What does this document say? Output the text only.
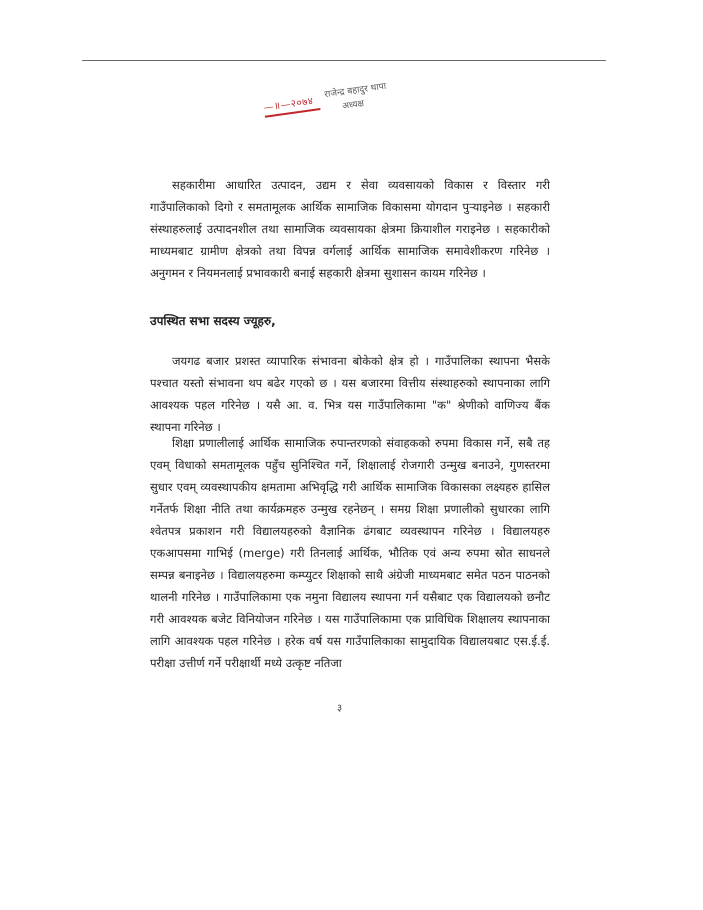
—॥—२०७४
राजेन्द्र बहादुर थापा
अध्यक्ष

सहकारीमा आधारित उत्पादन, उद्यम र सेवा व्यवसायको विकास र विस्तार गरी गाउँपालिकाको दिगो र समतामूलक आर्थिक सामाजिक विकासमा योगदान पुऱ्याइनेछ । सहकारी संस्थाहरुलाई उत्पादनशील तथा सामाजिक व्यवसायका क्षेत्रमा क्रियाशील गराइनेछ । सहकारीको माध्यमबाट ग्रामीण क्षेत्रको तथा विपन्न वर्गलाई आर्थिक सामाजिक समावेशीकरण गरिनेछ । अनुगमन र नियमनलाई प्रभावकारी बनाई सहकारी क्षेत्रमा सुशासन कायम गरिनेछ ।

उपस्थित सभा सदस्य ज्यूहरु,

जयगढ बजार प्रशस्त व्यापारिक संभावना बोकेको क्षेत्र हो । गाउँपालिका स्थापना भैसके पश्चात यस्तो संभावना थप बढेर गएको छ । यस बजारमा वित्तीय संस्थाहरुको स्थापनाका लागि आवश्यक पहल गरिनेछ । यसै आ. व. भित्र यस गाउँपालिकामा "क" श्रेणीको वाणिज्य बैंक स्थापना गरिनेछ ।

शिक्षा प्रणालीलाई आर्थिक सामाजिक रुपान्तरणको संवाहकको रुपमा विकास गर्ने, सबै तह एवम् विधाको समतामूलक पहुँच सुनिश्चित गर्ने, शिक्षालाई रोजगारी उन्मुख बनाउने, गुणस्तरमा सुधार एवम् व्यवस्थापकीय क्षमतामा अभिवृद्धि गरी आर्थिक सामाजिक विकासका लक्ष्यहरु हासिल गर्नेतर्फ शिक्षा नीति तथा कार्यक्रमहरु उन्मुख रहनेछन् । समग्र शिक्षा प्रणालीको सुधारका लागि श्वेतपत्र प्रकाशन गरी विद्यालयहरुको वैज्ञानिक ढंगबाट व्यवस्थापन गरिनेछ । विद्यालयहरु एकआपसमा गाभिई (merge) गरी तिनलाई आर्थिक, भौतिक एवं अन्य रुपमा स्रोत साधनले सम्पन्न बनाइनेछ । विद्यालयहरुमा कम्प्युटर शिक्षाको साथै अंग्रेजी माध्यमबाट समेत पठन पाठनको थालनी गरिनेछ । गाउँपालिकामा एक नमुना विद्यालय स्थापना गर्न यसैबाट एक विद्यालयको छनौट गरी आवश्यक बजेट विनियोजन गरिनेछ । यस गाउँपालिकामा एक प्राविधिक शिक्षालय स्थापनाका लागि आवश्यक पहल गरिनेछ । हरेक वर्ष यस गाउँपालिकाका सामुदायिक विद्यालयबाट एस.ई.ई. परीक्षा उत्तीर्ण गर्ने परीक्षार्थी मध्ये उत्कृष्ट नतिजा

३
